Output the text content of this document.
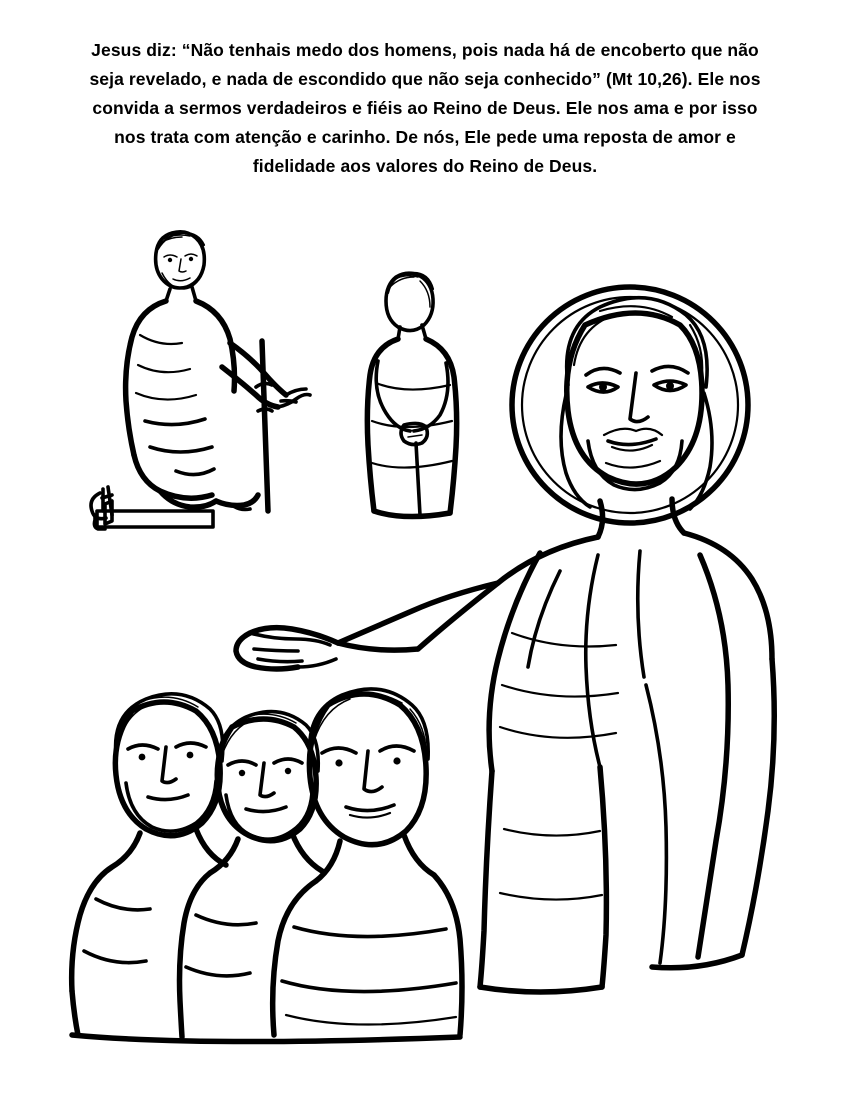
Jesus diz: “Não tenhais medo dos homens, pois nada há de encoberto que não seja revelado, e nada de escondido que não seja conhecido” (Mt 10,26). Ele nos convida a sermos verdadeiros e fiéis ao Reino de Deus. Ele nos ama e por isso nos trata com atenção e carinho. De nós, Ele pede uma reposta de amor e fidelidade aos valores do Reino de Deus.
